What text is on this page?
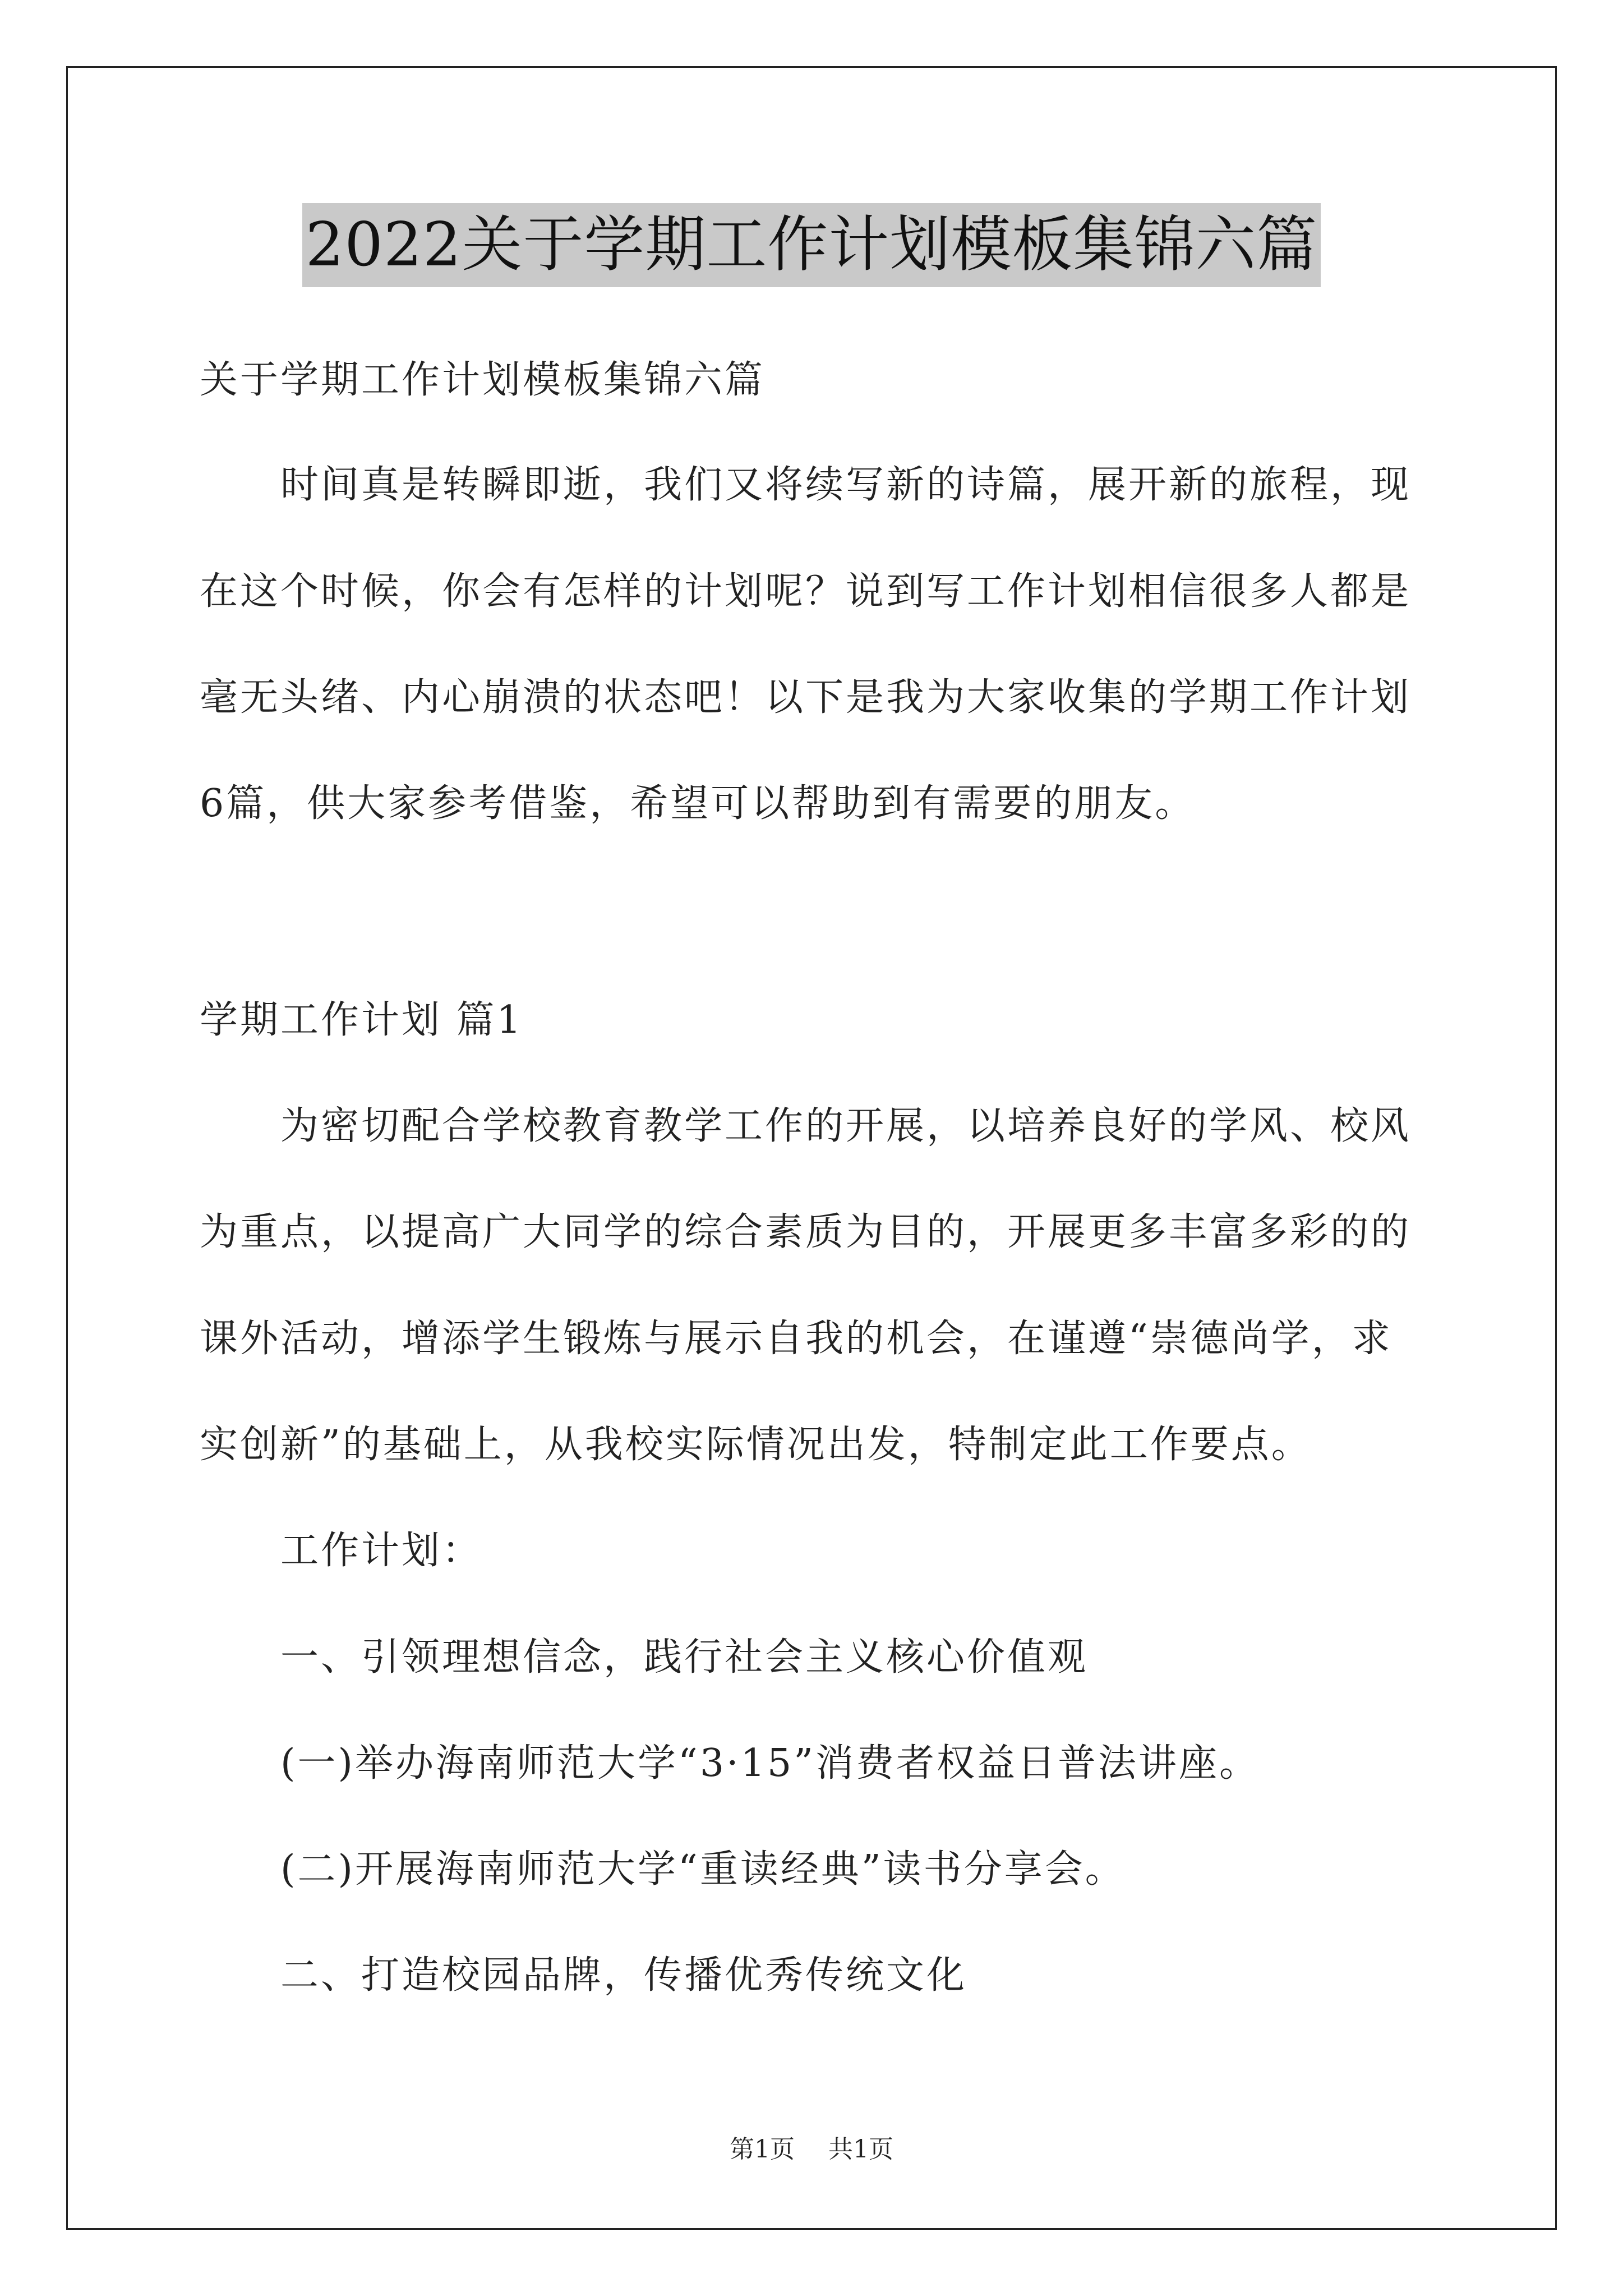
2022关于学期工作计划模板集锦六篇
关于学期工作计划模板集锦六篇
时间真是转瞬即逝，我们又将续写新的诗篇，展开新的旅程，现
在这个时候，你会有怎样的计划呢？说到写工作计划相信很多人都是
毫无头绪、内心崩溃的状态吧！以下是我为大家收集的学期工作计划
6篇，供大家参考借鉴，希望可以帮助到有需要的朋友。
学期工作计划 篇1
为密切配合学校教育教学工作的开展，以培养良好的学风、校风
为重点，以提高广大同学的综合素质为目的，开展更多丰富多彩的的
课外活动，增添学生锻炼与展示自我的机会，在谨遵“崇德尚学，求
实创新”的基础上，从我校实际情况出发，特制定此工作要点。
工作计划：
一、引领理想信念，践行社会主义核心价值观
(一)举办海南师范大学“3·15”消费者权益日普法讲座。
(二)开展海南师范大学“重读经典”读书分享会。
二、打造校园品牌，传播优秀传统文化
第1页 共1页
